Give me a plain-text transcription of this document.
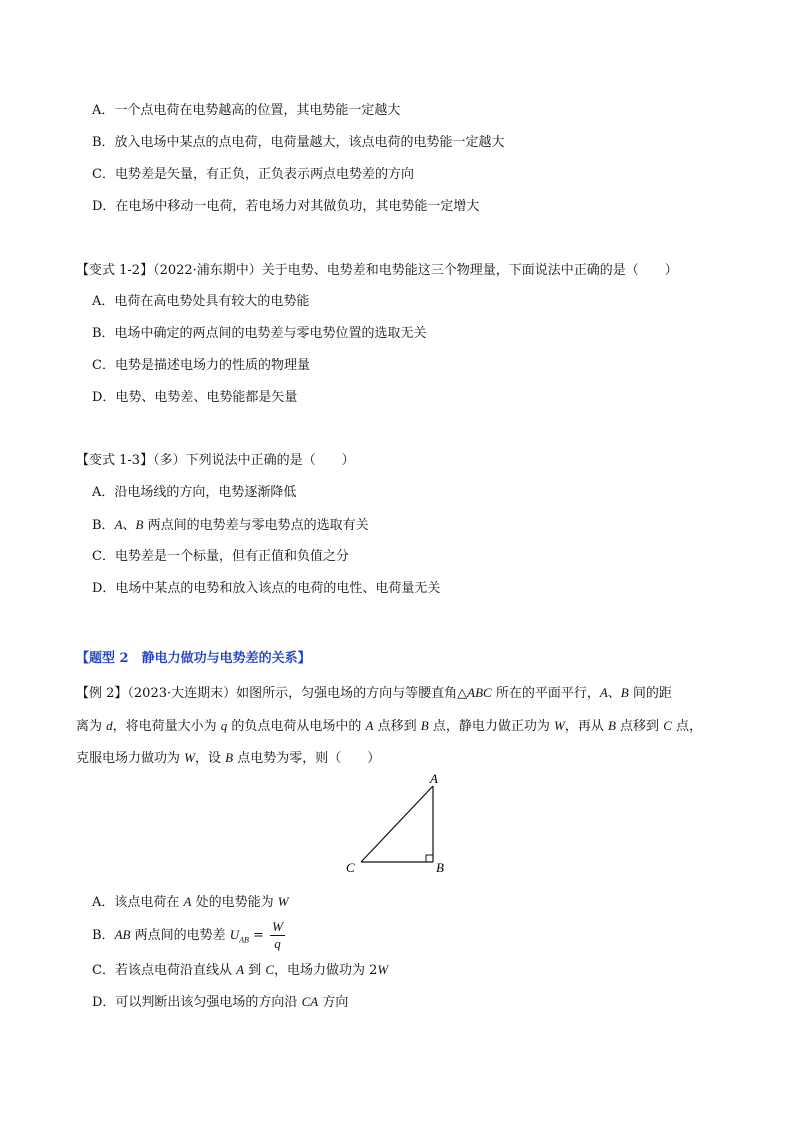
A．一个点电荷在电势越高的位置，其电势能一定越大
B．放入电场中某点的点电荷，电荷量越大，该点电荷的电势能一定越大
C．电势差是矢量，有正负，正负表示两点电势差的方向
D．在电场中移动一电荷，若电场力对其做负功，其电势能一定增大
【变式 1-2】（2022·浦东期中）关于电势、电势差和电势能这三个物理量，下面说法中正确的是（　　）
A．电荷在高电势处具有较大的电势能
B．电场中确定的两点间的电势差与零电势位置的选取无关
C．电势是描述电场力的性质的物理量
D．电势、电势差、电势能都是矢量
【变式 1-3】（多）下列说法中正确的是（　　）
A．沿电场线的方向，电势逐渐降低
B．A、B 两点间的电势差与零电势点的选取有关
C．电势差是一个标量，但有正值和负值之分
D．电场中某点的电势和放入该点的电荷的电性、电荷量无关
【题型 2　静电力做功与电势差的关系】
【例 2】（2023·大连期末）如图所示，匀强电场的方向与等腰直角△ABC 所在的平面平行，A、B 间的距
离为 d，将电荷量大小为 q 的负点电荷从电场中的 A 点移到 B 点，静电力做正功为 W，再从 B 点移到 C 点，
克服电场力做功为 W，设 B 点电势为零，则（　　）
A
B
C
A．该点电荷在 A 处的电势能为 W
B．AB 两点间的电势差 $U_{AB} = \frac{W}{q}$
C．若该点电荷沿直线从 A 到 C，电场力做功为 2W
D．可以判断出该匀强电场的方向沿 CA 方向
